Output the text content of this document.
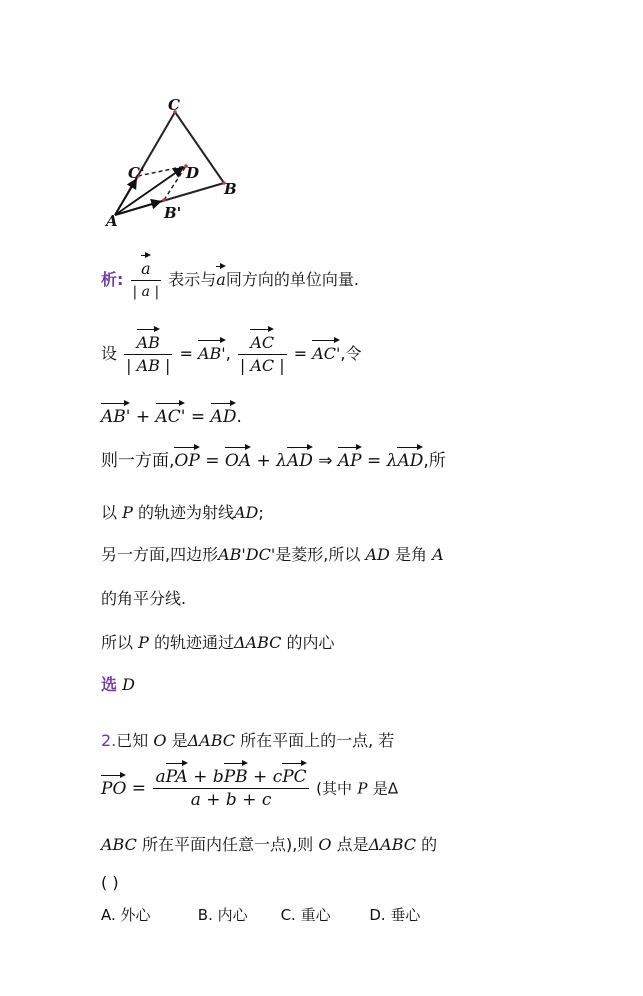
C
C'	D
B
B'
A
析: $\frac{a}{| a |}$ 表示与a同方向的单位向量.
设 $\frac{AB}{| AB |} = AB'$, $\frac{AC}{| AC |} = AC'$,令
AB' + AC' = AD.
则一方面,OP = OA + λAD ⇒ AP = λAD,所
以 P 的轨迹为射线AD;
另一方面,四边形AB'DC'是菱形,所以 AD 是角 A
的角平分线.
所以 P 的轨迹通过ΔABC 的内心
选 D
2.已知 O 是ΔABC 所在平面上的一点, 若
PO = $\frac{\text{aPA + bPB + cPC}}{a + b + c}$ (其中 P 是Δ
ABC 所在平面内任意一点),则 O 点是ΔABC 的
( )
A. 外心	B. 内心 C. 重心	D. 垂心
